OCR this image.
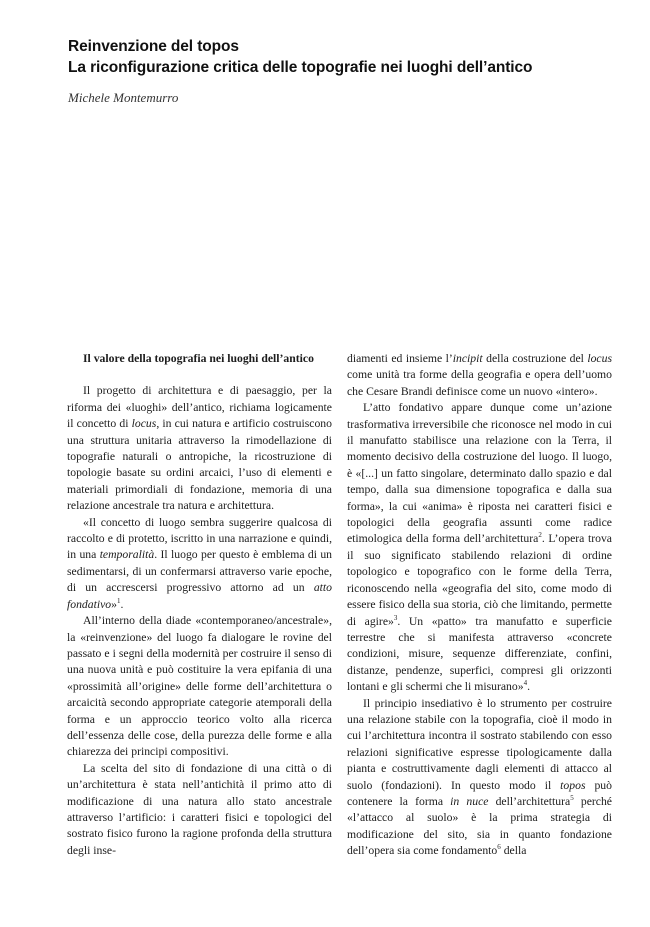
Reinvenzione del topos
La riconfigurazione critica delle topografie nei luoghi dell’antico

Michele Montemurro

Il valore della topografia nei luoghi dell’antico

Il progetto di architettura e di paesaggio, per la riforma dei «luoghi» dell’antico, richiama logicamente il concetto di locus, in cui natura e artificio costruiscono una struttura unitaria attraverso la rimodellazione di topografie naturali o antropiche, la ricostruzione di topologie basate su ordini arcaici, l’uso di elementi e materiali primordiali di fondazione, memoria di una relazione ancestrale tra natura e architettura.

«Il concetto di luogo sembra suggerire qualcosa di raccolto e di protetto, iscritto in una narrazione e quindi, in una temporalità. Il luogo per questo è emblema di un sedimentarsi, di un confermarsi attraverso varie epoche, di un accrescersi progressivo attorno ad un atto fondativo»$^1$.

All’interno della diade «contemporaneo/ancestrale», la «reinvenzione» del luogo fa dialogare le rovine del passato e i segni della modernità per costruire il senso di una nuova unità e può costituire la vera epifania di una «prossimità all’origine» delle forme dell’architettura o arcaicità secondo appropriate categorie atemporali della forma e un approccio teorico volto alla ricerca dell’essenza delle cose, della purezza delle forme e alla chiarezza dei principi compositivi.

La scelta del sito di fondazione di una città o di un’architettura è stata nell’antichità il primo atto di modificazione di una natura allo stato ancestrale attraverso l’artificio: i caratteri fisici e topologici del sostrato fisico furono la ragione profonda della struttura degli inse-

diamenti ed insieme l’incipit della costruzione del locus come unità tra forme della geografia e opera dell’uomo che Cesare Brandi definisce come un nuovo «intero».

L’atto fondativo appare dunque come un’azione trasformativa irreversibile che riconosce nel modo in cui il manufatto stabilisce una relazione con la Terra, il momento decisivo della costruzione del luogo. Il luogo, è «[...] un fatto singolare, determinato dallo spazio e dal tempo, dalla sua dimensione topografica e dalla sua forma», la cui «anima» è riposta nei caratteri fisici e topologici della geografia assunti come radice etimologica della forma dell’architettura$^2$. L’opera trova il suo significato stabilendo relazioni di ordine topologico e topografico con le forme della Terra, riconoscendo nella «geografia del sito, come modo di essere fisico della sua storia, ciò che limitando, permette di agire»$^3$. Un «patto» tra manufatto e superficie terrestre che si manifesta attraverso «concrete condizioni, misure, sequenze differenziate, confini, distanze, pendenze, superfici, compresi gli orizzonti lontani e gli schermi che li misurano»$^4$.

Il principio insediativo è lo strumento per costruire una relazione stabile con la topografia, cioè il modo in cui l’architettura incontra il sostrato stabilendo con esso relazioni significative espresse tipologicamente dalla pianta e costruttivamente dagli elementi di attacco al suolo (fondazioni). In questo modo il topos può contenere la forma in nuce dell’architettura$^5$ perché «l’attacco al suolo» è la prima strategia di modificazione del sito, sia in quanto fondazione dell’opera sia come fondamento$^6$ della
